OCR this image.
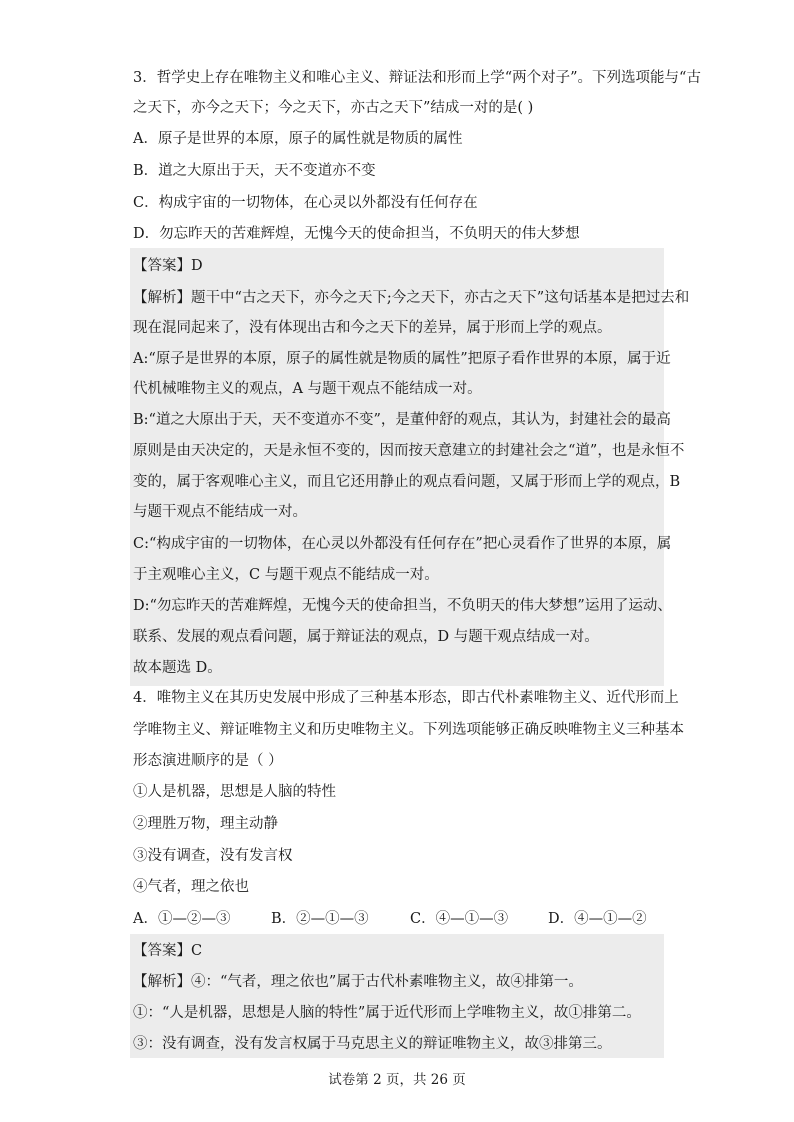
3．哲学史上存在唯物主义和唯心主义、辩证法和形而上学“两个对子”。下列选项能与“古
之天下，亦今之天下；今之天下，亦古之天下”结成一对的是( )
A．原子是世界的本原，原子的属性就是物质的属性
B．道之大原出于天，天不变道亦不变
C．构成宇宙的一切物体，在心灵以外都没有任何存在
D．勿忘昨天的苦难辉煌，无愧今天的使命担当，不负明天的伟大梦想
【答案】D
【解析】题干中“古之天下，亦今之天下;今之天下，亦古之天下”这句话基本是把过去和
现在混同起来了，没有体现出古和今之天下的差异，属于形而上学的观点。
A:“原子是世界的本原，原子的属性就是物质的属性”把原子看作世界的本原，属于近
代机械唯物主义的观点，A 与题干观点不能结成一对。
B:“道之大原出于天，天不变道亦不变”，是董仲舒的观点，其认为，封建社会的最高
原则是由天决定的，天是永恒不变的，因而按天意建立的封建社会之“道”，也是永恒不
变的，属于客观唯心主义，而且它还用静止的观点看问题，又属于形而上学的观点，B
与题干观点不能结成一对。
C:“构成宇宙的一切物体，在心灵以外都没有任何存在”把心灵看作了世界的本原，属
于主观唯心主义，C 与题干观点不能结成一对。
D:“勿忘昨天的苦难辉煌，无愧今天的使命担当，不负明天的伟大梦想”运用了运动、
联系、发展的观点看问题，属于辩证法的观点，D 与题干观点结成一对。
故本题选 D。
4．唯物主义在其历史发展中形成了三种基本形态，即古代朴素唯物主义、近代形而上
学唯物主义、辩证唯物主义和历史唯物主义。下列选项能够正确反映唯物主义三种基本
形态演进顺序的是（ ）
①人是机器，思想是人脑的特性
②理胜万物，理主动静
③没有调查，没有发言权
④气者，理之依也
A．①—②—③	B．②—①—③	C．④—①—③	D．④—①—②
【答案】C
【解析】④：“气者，理之依也”属于古代朴素唯物主义，故④排第一。
①：“人是机器，思想是人脑的特性”属于近代形而上学唯物主义，故①排第二。
③：没有调查，没有发言权属于马克思主义的辩证唯物主义，故③排第三。
试卷第 2 页，共 26 页
